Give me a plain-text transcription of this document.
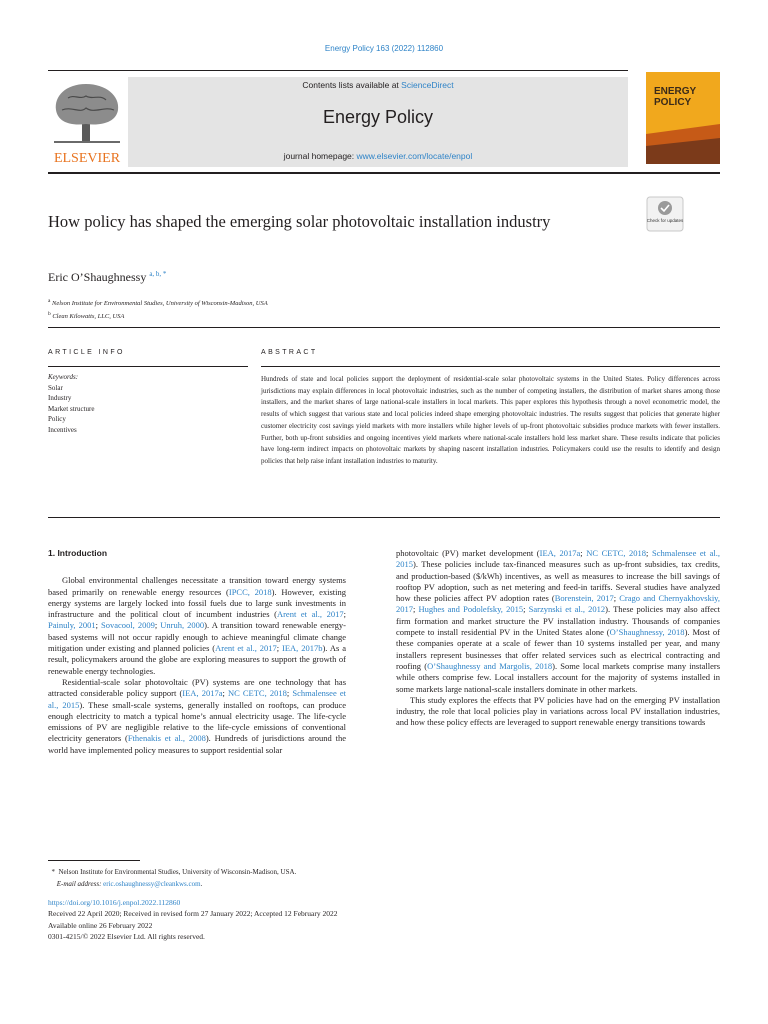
Energy Policy 163 (2022) 112860
ELSEVIER
Contents lists available at ScienceDirect
Energy Policy
journal homepage: www.elsevier.com/locate/enpol
ENERGY
POLICY
How policy has shaped the emerging solar photovoltaic installation industry	Check for updates
Eric O’Shaughnessy $^{a, b, *}$
$^a$ Nelson Institute for Environmental Studies, University of Wisconsin-Madison, USA
$^b$ Clean Kilowatts, LLC, USA
ARTICLE INFO	ABSTRACT
Keywords:
Solar
Industry
Market structure
Policy
Incentives
Hundreds of state and local policies support the deployment of residential-scale solar photovoltaic systems in the United States. Policy differences across jurisdictions may explain differences in local photovoltaic industries, such as the number of competing installers, the distribution of market shares among those installers, and the market shares of large national-scale installers in local markets. This paper explores this hypothesis through a novel econometric model, the results of which suggest that various state and local policies indeed shape emerging photovoltaic industries. The results suggest that policies that generate higher customer electricity cost savings yield markets with more installers while higher levels of up-front photovoltaic subsidies produce markets with fewer installers. Further, both up-front subsidies and ongoing incentives yield markets where national-scale installers hold less market share. These results indicate that policies have long-term indirect impacts on photovoltaic markets by shaping nascent installation industries. Policymakers could use the results to identify and design policies that help raise infant installation industries to maturity.
1. Introduction

Global environmental challenges necessitate a transition toward energy systems based primarily on renewable energy resources (IPCC, 2018). However, existing energy systems are largely locked into fossil fuels due to large sunk investments in infrastructure and the political clout of incumbent industries (Arent et al., 2017; Painuly, 2001; Sovacool, 2009; Unruh, 2000). A transition toward renewable energy-based systems will not occur rapidly enough to achieve meaningful climate change mitigation under existing and planned policies (Arent et al., 2017; IEA, 2017b). As a result, policymakers around the globe are exploring measures to support the growth of renewable energy technologies.

Residential-scale solar photovoltaic (PV) systems are one technology that has attracted considerable policy support (IEA, 2017a; NC CETC, 2018; Schmalensee et al., 2015). These small-scale systems, generally installed on rooftops, can produce enough electricity to match a typical home’s annual electricity usage. The life-cycle emissions of PV are negligible relative to the life-cycle emissions of conventional electricity generators (Fthenakis et al., 2008). Hundreds of jurisdictions around the world have implemented policy measures to support residential solar

photovoltaic (PV) market development (IEA, 2017a; NC CETC, 2018; Schmalensee et al., 2015). These policies include tax-financed measures such as up-front subsidies, tax credits, and production-based ($/kWh) incentives, as well as measures to increase the bill savings of rooftop PV adoption, such as net metering and feed-in tariffs. Several studies have analyzed how these policies affect PV adoption rates (Borenstein, 2017; Crago and Chernyakhovskiy, 2017; Hughes and Podolefsky, 2015; Sarzynski et al., 2012). These policies may also affect firm formation and market structure the PV installation industry. Thousands of companies compete to install residential PV in the United States alone (O’Shaughnessy, 2018). Most of these companies operate at a scale of fewer than 10 systems installed per year, and many installers represent businesses that offer related services such as electrical contracting and roofing (O’Shaughnessy and Margolis, 2018). Some local markets comprise many installers while others comprise few. Local installers account for the majority of systems installed in some markets large national-scale installers dominate in other markets.

This study explores the effects that PV policies have had on the emerging PV installation industry, the role that local policies play in variations across local PV installation industries, and how these policy effects are leveraged to support renewable energy transitions towards

* Nelson Institute for Environmental Studies, University of Wisconsin-Madison, USA.
E-mail address: eric.oshaughnessy@cleankws.com.
https://doi.org/10.1016/j.enpol.2022.112860
Received 22 April 2020; Received in revised form 27 January 2022; Accepted 12 February 2022
Available online 26 February 2022
0301-4215/© 2022 Elsevier Ltd. All rights reserved.
